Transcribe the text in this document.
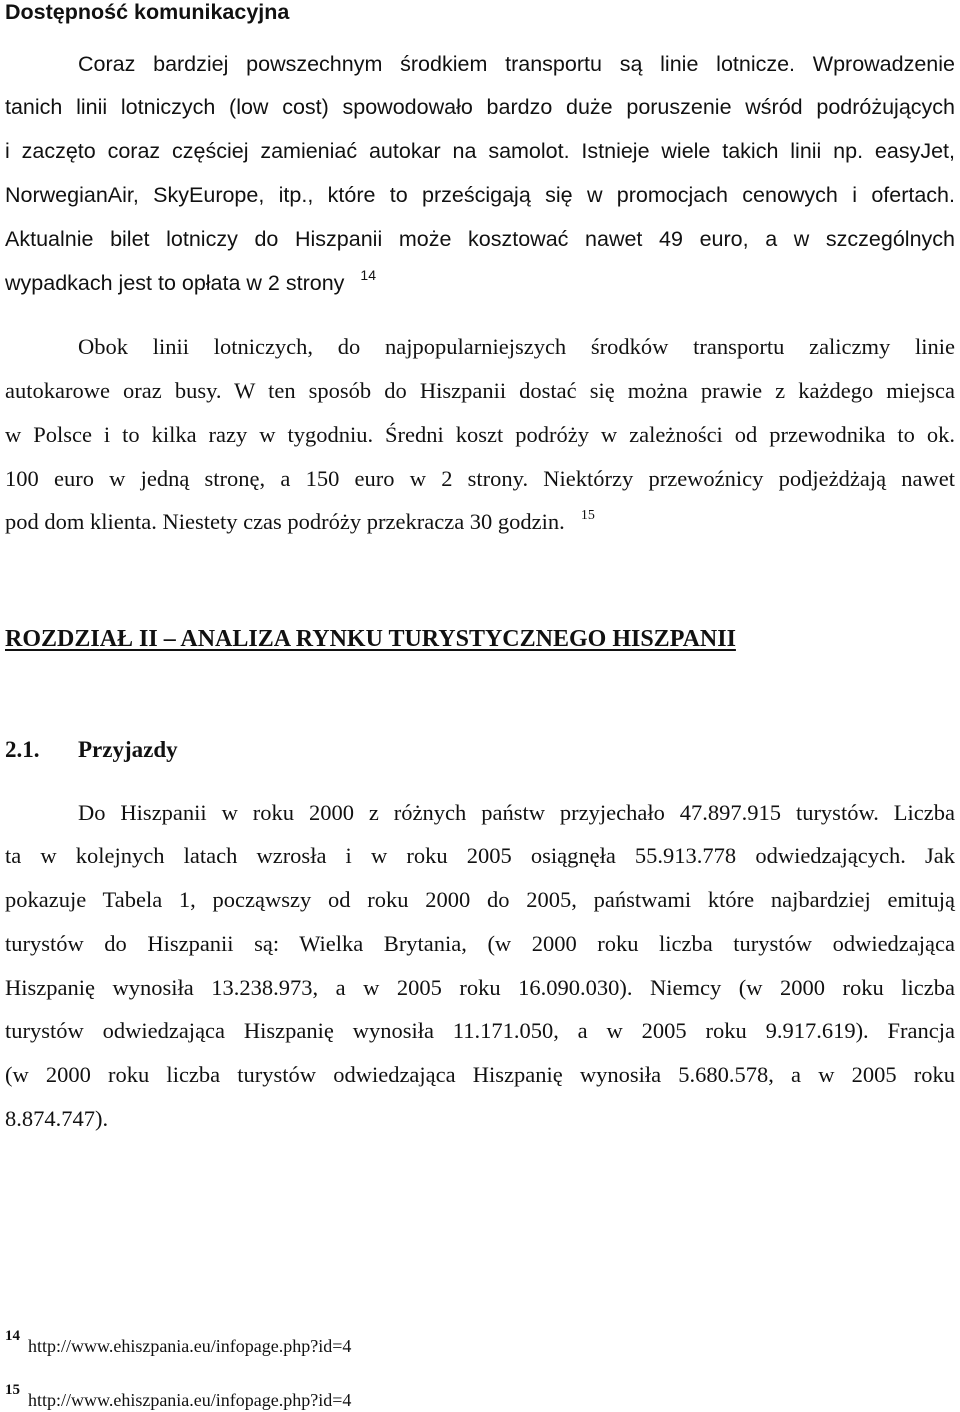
Dostępność komunikacyjna
Coraz bardziej powszechnym środkiem transportu są linie lotnicze. Wprowadzenie
tanich linii lotniczych (low cost) spowodowało bardzo duże poruszenie wśród podróżujących
i zaczęto coraz częściej zamieniać autokar na samolot. Istnieje wiele takich linii np. easyJet,
NorwegianAir, SkyEurope, itp., które to prześcigają się w promocjach cenowych i ofertach.
Aktualnie bilet lotniczy do Hiszpanii może kosztować nawet 49 euro, a w szczególnych
wypadkach jest to opłata w 2 strony $^{14}$
Obok linii lotniczych, do najpopularniejszych środków transportu zaliczmy linie
autokarowe oraz busy. W ten sposób do Hiszpanii dostać się można prawie z każdego miejsca
w Polsce i to kilka razy w tygodniu. Średni koszt podróży w zależności od przewodnika to ok.
100 euro w jedną stronę, a 150 euro w 2 strony. Niektórzy przewoźnicy podjeżdżają nawet
pod dom klienta. Niestety czas podróży przekracza 30 godzin. $^{15}$
ROZDZIAŁ II – ANALIZA RYNKU TURYSTYCZNEGO HISZPANII
2.1.	Przyjazdy
Do Hiszpanii w roku 2000 z różnych państw przyjechało 47.897.915 turystów. Liczba
ta w kolejnych latach wzrosła i w roku 2005 osiągnęła 55.913.778 odwiedzających. Jak
pokazuje Tabela 1, począwszy od roku 2000 do 2005, państwami które najbardziej emitują
turystów do Hiszpanii są: Wielka Brytania, (w 2000 roku liczba turystów odwiedzająca
Hiszpanię wynosiła 13.238.973, a w 2005 roku 16.090.030). Niemcy (w 2000 roku liczba
turystów odwiedzająca Hiszpanię wynosiła 11.171.050, a w 2005 roku 9.917.619). Francja
(w 2000 roku liczba turystów odwiedzająca Hiszpanię wynosiła 5.680.578, a w 2005 roku
8.874.747).
$^{14}$ http://www.ehiszpania.eu/infopage.php?id=4
$^{15}$ http://www.ehiszpania.eu/infopage.php?id=4
